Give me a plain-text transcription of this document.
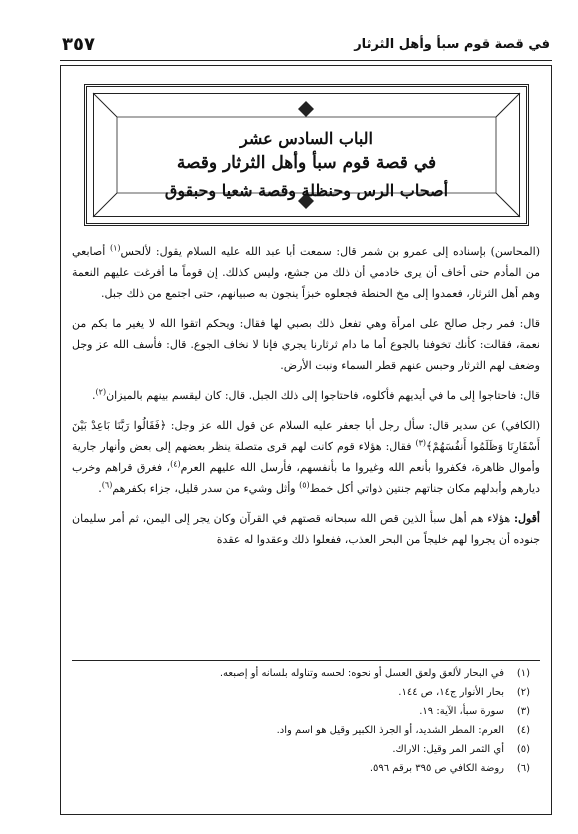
في قصة قوم سبأ وأهل الثرثار
٣٥٧
الباب السادس عشر
في قصة قوم سبأ وأهل الثرثار وقصة
أصحاب الرس وحنظلة وقصة شعيا وحبقوق

(المحاسن) بإسناده إلى عمرو بن شمر قال: سمعت أبا عبد الله عليه السلام يقول: لألحس$^{(١)}$ أصابعي من المأدم حتى أخاف أن يرى خادمي أن ذلك من جشع، وليس كذلك. إن قوماً ما أفرغت عليهم النعمة وهم أهل الثرثار، فعمدوا إلى مخ الحنطة فجعلوه خبزاً ينجون به صبيانهم، حتى اجتمع من ذلك جبل.

قال: فمر رجل صالح على امرأة وهي تفعل ذلك بصبي لها فقال: ويحكم اتقوا الله لا يغير ما بكم من نعمة، فقالت: كأنك تخوفنا بالجوع أما ما دام ثرثارنا يجري فإنا لا نخاف الجوع. قال: فأسف الله عز وجل وضعف لهم الثرثار وحبس عنهم قطر السماء ونبت الأرض.

قال: فاحتاجوا إلى ما في أيديهم فأكلوه، فاحتاجوا إلى ذلك الجبل. قال: كان ليقسم بينهم بالميزان$^{(٢)}$.

(الكافي) عن سدير قال: سأل رجل أبا جعفر عليه السلام عن قول الله عز وجل: ﴿فَقَالُوا رَبَّنَا بَاعِدْ بَيْنَ أَسْفَارِنَا وَظَلَمُوا أَنفُسَهُمْ﴾$^{(٣)}$ فقال: هؤلاء قوم كانت لهم قرى متصلة ينظر بعضهم إلى بعض وأنهار جارية وأموال ظاهرة، فكفروا بأنعم الله وغيروا ما بأنفسهم، فأرسل الله عليهم العرم$^{(٤)}$، فغرق قراهم وخرب ديارهم وأبدلهم مكان جناتهم جنتين ذواتي أكل خمط$^{(٥)}$ وأثل وشيء من سدر قليل، جزاء بكفرهم$^{(٦)}$.

أقول: هؤلاء هم أهل سبأ الذين قص الله سبحانه قصتهم في القرآن وكان يجر إلى اليمن، ثم أمر سليمان جنوده أن يجروا لهم خليجاً من البحر العذب، ففعلوا ذلك وعقدوا له عقدة

(١)في البحار لألعق ولعق العسل أو نحوه: لحسه وتناوله بلسانه أو إصبعه.
(٢)بحار الأنوار ج١٤، ص ١٤٤.
(٣)سورة سبأ، الآية: ١٩.
(٤)العرم: المطر الشديد، أو الجرذ الكبير وقيل هو اسم واد.
(٥)أي الثمر المر وقيل: الاراك.
(٦)روضة الكافي ص ٣٩٥ برقم ٥٩٦.
